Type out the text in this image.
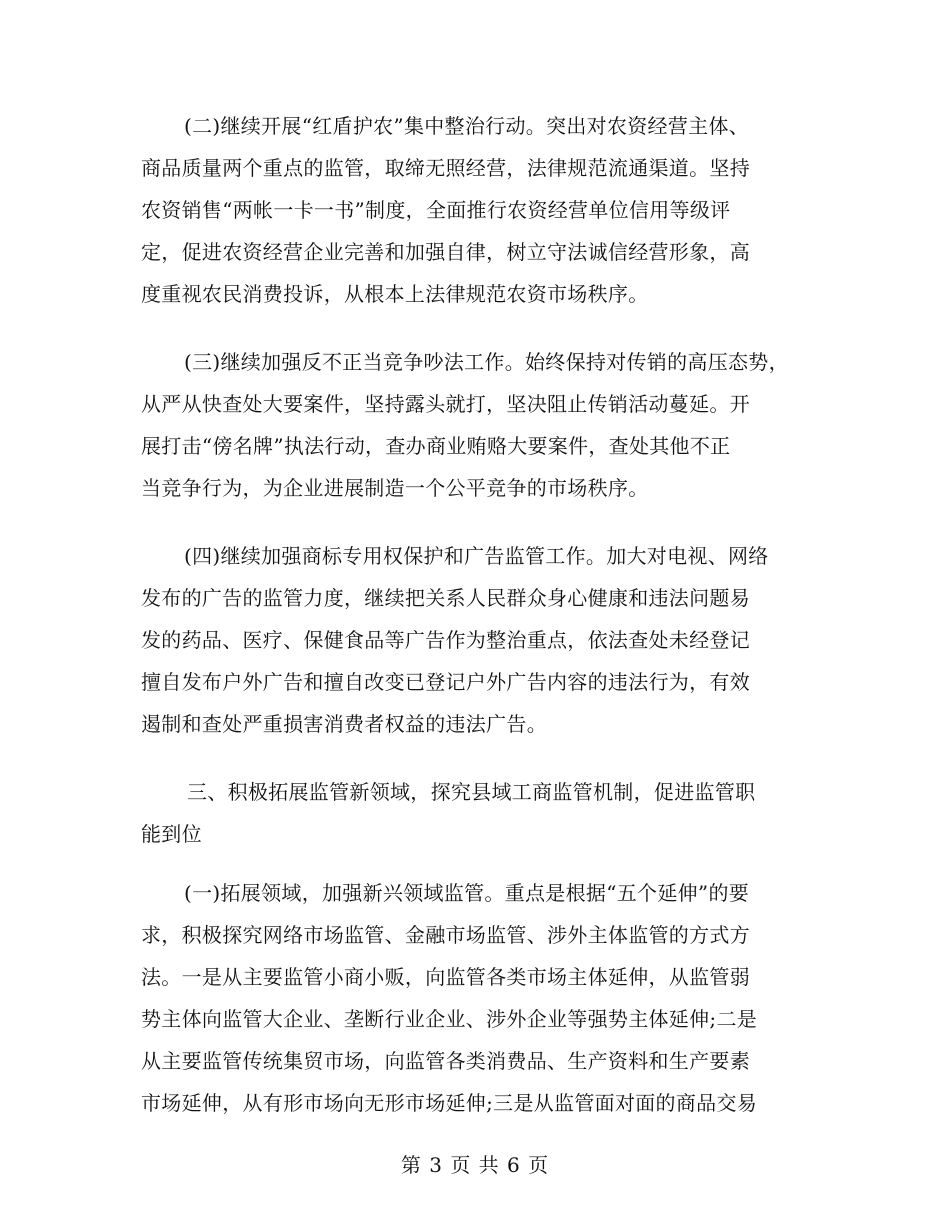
(二)继续开展“红盾护农”集中整治行动。突出对农资经营主体、
商品质量两个重点的监管，取缔无照经营，法律规范流通渠道。坚持
农资销售“两帐一卡一书”制度，全面推行农资经营单位信用等级评
定，促进农资经营企业完善和加强自律，树立守法诚信经营形象，高
度重视农民消费投诉，从根本上法律规范农资市场秩序。
(三)继续加强反不正当竞争吵法工作。始终保持对传销的高压态势，
从严从快查处大要案件，坚持露头就打，坚决阻止传销活动蔓延。开
展打击“傍名牌”执法行动，查办商业贿赂大要案件，查处其他不正
当竞争行为，为企业进展制造一个公平竞争的市场秩序。
(四)继续加强商标专用权保护和广告监管工作。加大对电视、网络
发布的广告的监管力度，继续把关系人民群众身心健康和违法问题易
发的药品、医疗、保健食品等广告作为整治重点，依法查处未经登记
擅自发布户外广告和擅自改变已登记户外广告内容的违法行为，有效
遏制和查处严重损害消费者权益的违法广告。
三、积极拓展监管新领域，探究县域工商监管机制，促进监管职
能到位
(一)拓展领域，加强新兴领域监管。重点是根据“五个延伸”的要
求，积极探究网络市场监管、金融市场监管、涉外主体监管的方式方
法。一是从主要监管小商小贩，向监管各类市场主体延伸，从监管弱
势主体向监管大企业、垄断行业企业、涉外企业等强势主体延伸;二是
从主要监管传统集贸市场，向监管各类消费品、生产资料和生产要素
市场延伸，从有形市场向无形市场延伸;三是从监管面对面的商品交易
第 3 页 共 6 页
